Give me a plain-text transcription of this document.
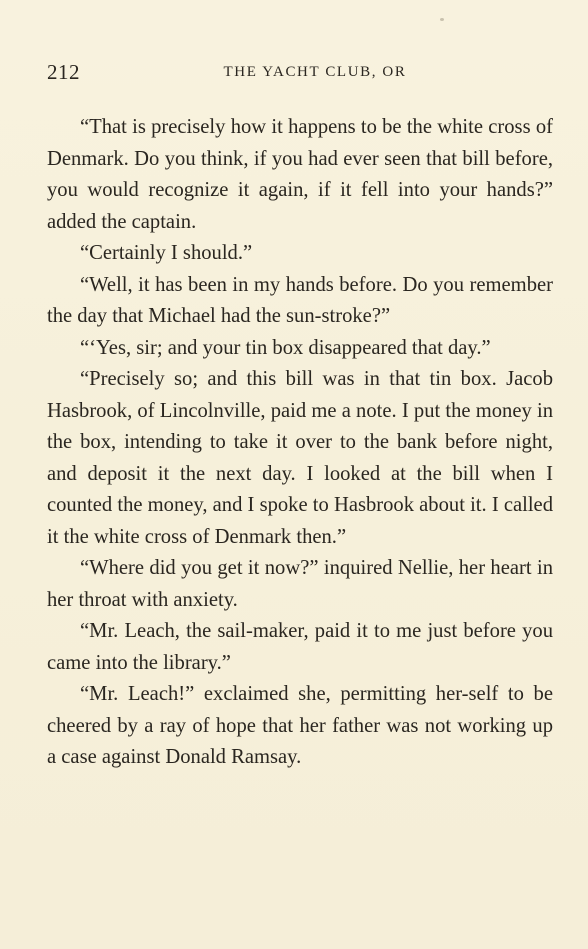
212	THE YACHT CLUB, OR

“That is precisely how it happens to be the white cross of Denmark. Do you think, if you had ever seen that bill before, you would recognize it again, if it fell into your hands?” added the captain.

“Certainly I should.”

“Well, it has been in my hands before. Do you remember the day that Michael had the sun-stroke?”

“‘Yes, sir; and your tin box disappeared that day.”

“Precisely so; and this bill was in that tin box. Jacob Hasbrook, of Lincolnville, paid me a note. I put the money in the box, intending to take it over to the bank before night, and deposit it the next day. I looked at the bill when I counted the money, and I spoke to Hasbrook about it. I called it the white cross of Denmark then.”

“Where did you get it now?” inquired Nellie, her heart in her throat with anxiety.

“Mr. Leach, the sail-maker, paid it to me just before you came into the library.”

“Mr. Leach!” exclaimed she, permitting her-self to be cheered by a ray of hope that her father was not working up a case against Donald Ramsay.
